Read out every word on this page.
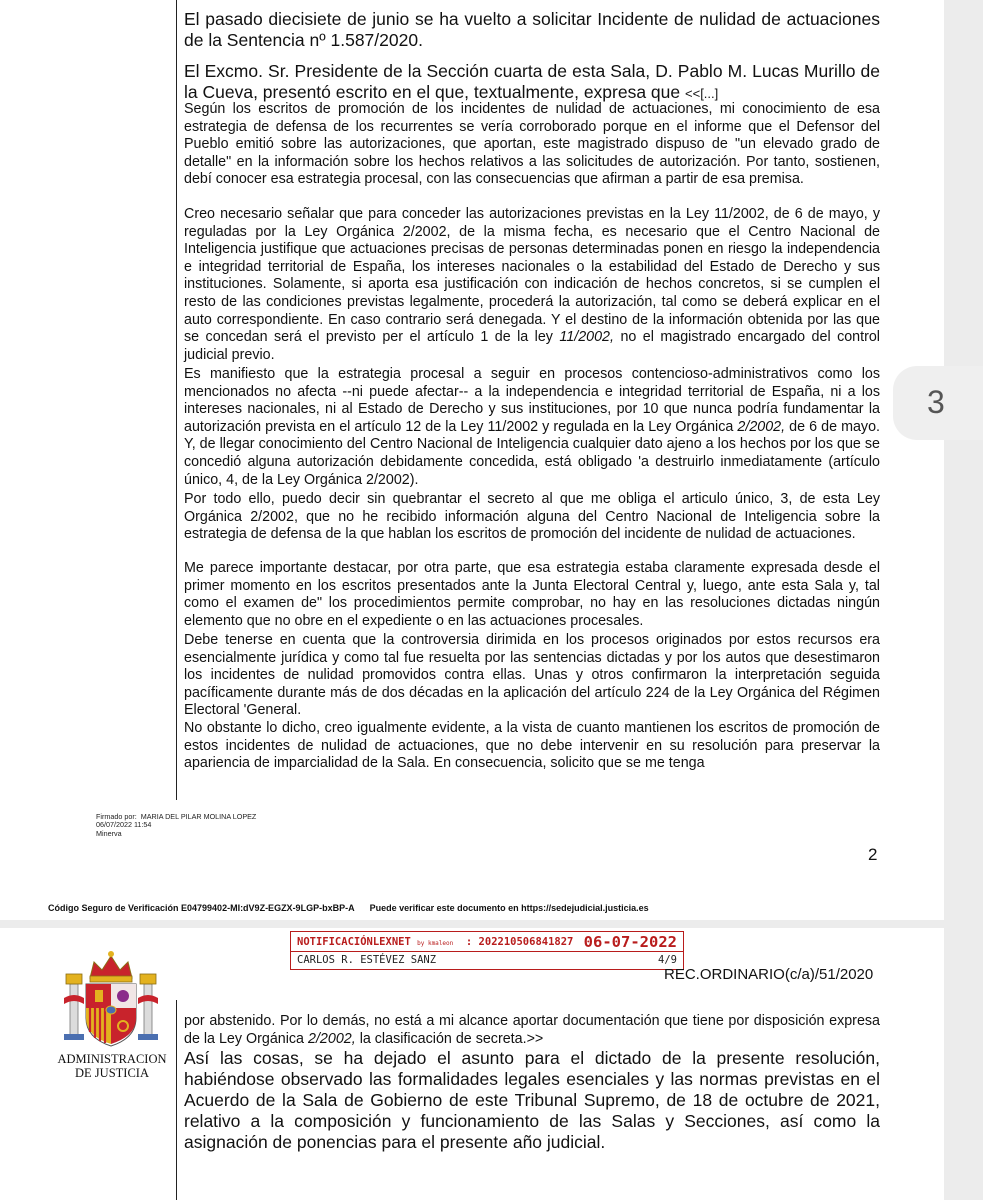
El pasado diecisiete de junio se ha vuelto a solicitar Incidente de nulidad de actuaciones de la Sentencia nº 1.587/2020.

El Excmo. Sr. Presidente de la Sección cuarta de esta Sala, D. Pablo M. Lucas Murillo de la Cueva, presentó escrito en el que, textualmente, expresa que <<[...]

Según los escritos de promoción de los incidentes de nulidad de actuaciones, mi conocimiento de esa estrategia de defensa de los recurrentes se vería corroborado porque en el informe que el Defensor del Pueblo emitió sobre las autorizaciones, que aportan, este magistrado dispuso de "un elevado grado de detalle" en la información sobre los hechos relativos a las solicitudes de autorización. Por tanto, sostienen, debí conocer esa estrategia procesal, con las consecuencias que afirman a partir de esa premisa.

Creo necesario señalar que para conceder las autorizaciones previstas en la Ley 11/2002, de 6 de mayo, y reguladas por la Ley Orgánica 2/2002, de la misma fecha, es necesario que el Centro Nacional de Inteligencia justifique que actuaciones precisas de personas determinadas ponen en riesgo la independencia e integridad territorial de España, los intereses nacionales o la estabilidad del Estado de Derecho y sus instituciones. Solamente, si aporta esa justificación con indicación de hechos concretos, si se cumplen el resto de las condiciones previstas legalmente, procederá la autorización, tal como se deberá explicar en el auto correspondiente. En caso contrario será denegada. Y el destino de la información obtenida por las que se concedan será el previsto per el artículo 1 de la ley 11/2002, no el magistrado encargado del control judicial previo.

Es manifiesto que la estrategia procesal a seguir en procesos contencioso-administrativos como los mencionados no afecta --ni puede afectar-- a la independencia e integridad territorial de España, ni a los intereses nacionales, ni al Estado de Derecho y sus instituciones, por 10 que nunca podría fundamentar la autorización prevista en el artículo 12 de la Ley 11/2002 y regulada en la Ley Orgánica 2/2002, de 6 de mayo. Y, de llegar conocimiento del Centro Nacional de Inteligencia cualquier dato ajeno a los hechos por los que se concedió alguna autorización debidamente concedida, está obligado 'a destruirlo inmediatamente (artículo único, 4, de la Ley Orgánica 2/2002).

Por todo ello, puedo decir sin quebrantar el secreto al que me obliga el articulo único, 3, de esta Ley Orgánica 2/2002, que no he recibido información alguna del Centro Nacional de Inteligencia sobre la estrategia de defensa de la que hablan los escritos de promoción del incidente de nulidad de actuaciones.

Me parece importante destacar, por otra parte, que esa estrategia estaba claramente expresada desde el primer momento en los escritos presentados ante la Junta Electoral Central y, luego, ante esta Sala y, tal como el examen de" los procedimientos permite comprobar, no hay en las resoluciones dictadas ningún elemento que no obre en el expediente o en las actuaciones procesales.

Debe tenerse en cuenta que la controversia dirimida en los procesos originados por estos recursos era esencialmente jurídica y como tal fue resuelta por las sentencias dictadas y por los autos que desestimaron los incidentes de nulidad promovidos contra ellas. Unas y otros confirmaron la interpretación seguida pacíficamente durante más de dos décadas en la aplicación del artículo 224 de la Ley Orgánica del Régimen Electoral 'General.

No obstante lo dicho, creo igualmente evidente, a la vista de cuanto mantienen los escritos de promoción de estos incidentes de nulidad de actuaciones, que no debe intervenir en su resolución para preservar la apariencia de imparcialidad de la Sala. En consecuencia, solicito que se me tenga

Firmado por: MARIA DEL PILAR MOLINA LOPEZ
06/07/2022 11:54
Minerva
2
Código Seguro de Verificación E04799402-MI:dV9Z-EGZX-9LGP-bxBP-A Puede verificar este documento en https://sedejudicial.justicia.es
3
NOTIFICACIÓNLEXNET by kmaleon : 202210506841827 06-07-2022
CARLOS R. ESTÉVEZ SANZ	4/9
REC.ORDINARIO(c/a)/51/2020
ADMINISTRACION
DE JUSTICIA

por abstenido. Por lo demás, no está a mi alcance aportar documentación que tiene por disposición expresa de la Ley Orgánica 2/2002, la clasificación de secreta.>>

Así las cosas, se ha dejado el asunto para el dictado de la presente resolución, habiéndose observado las formalidades legales esenciales y las normas previstas en el Acuerdo de la Sala de Gobierno de este Tribunal Supremo, de 18 de octubre de 2021, relativo a la composición y funcionamiento de las Salas y Secciones, así como la asignación de ponencias para el presente año judicial.
